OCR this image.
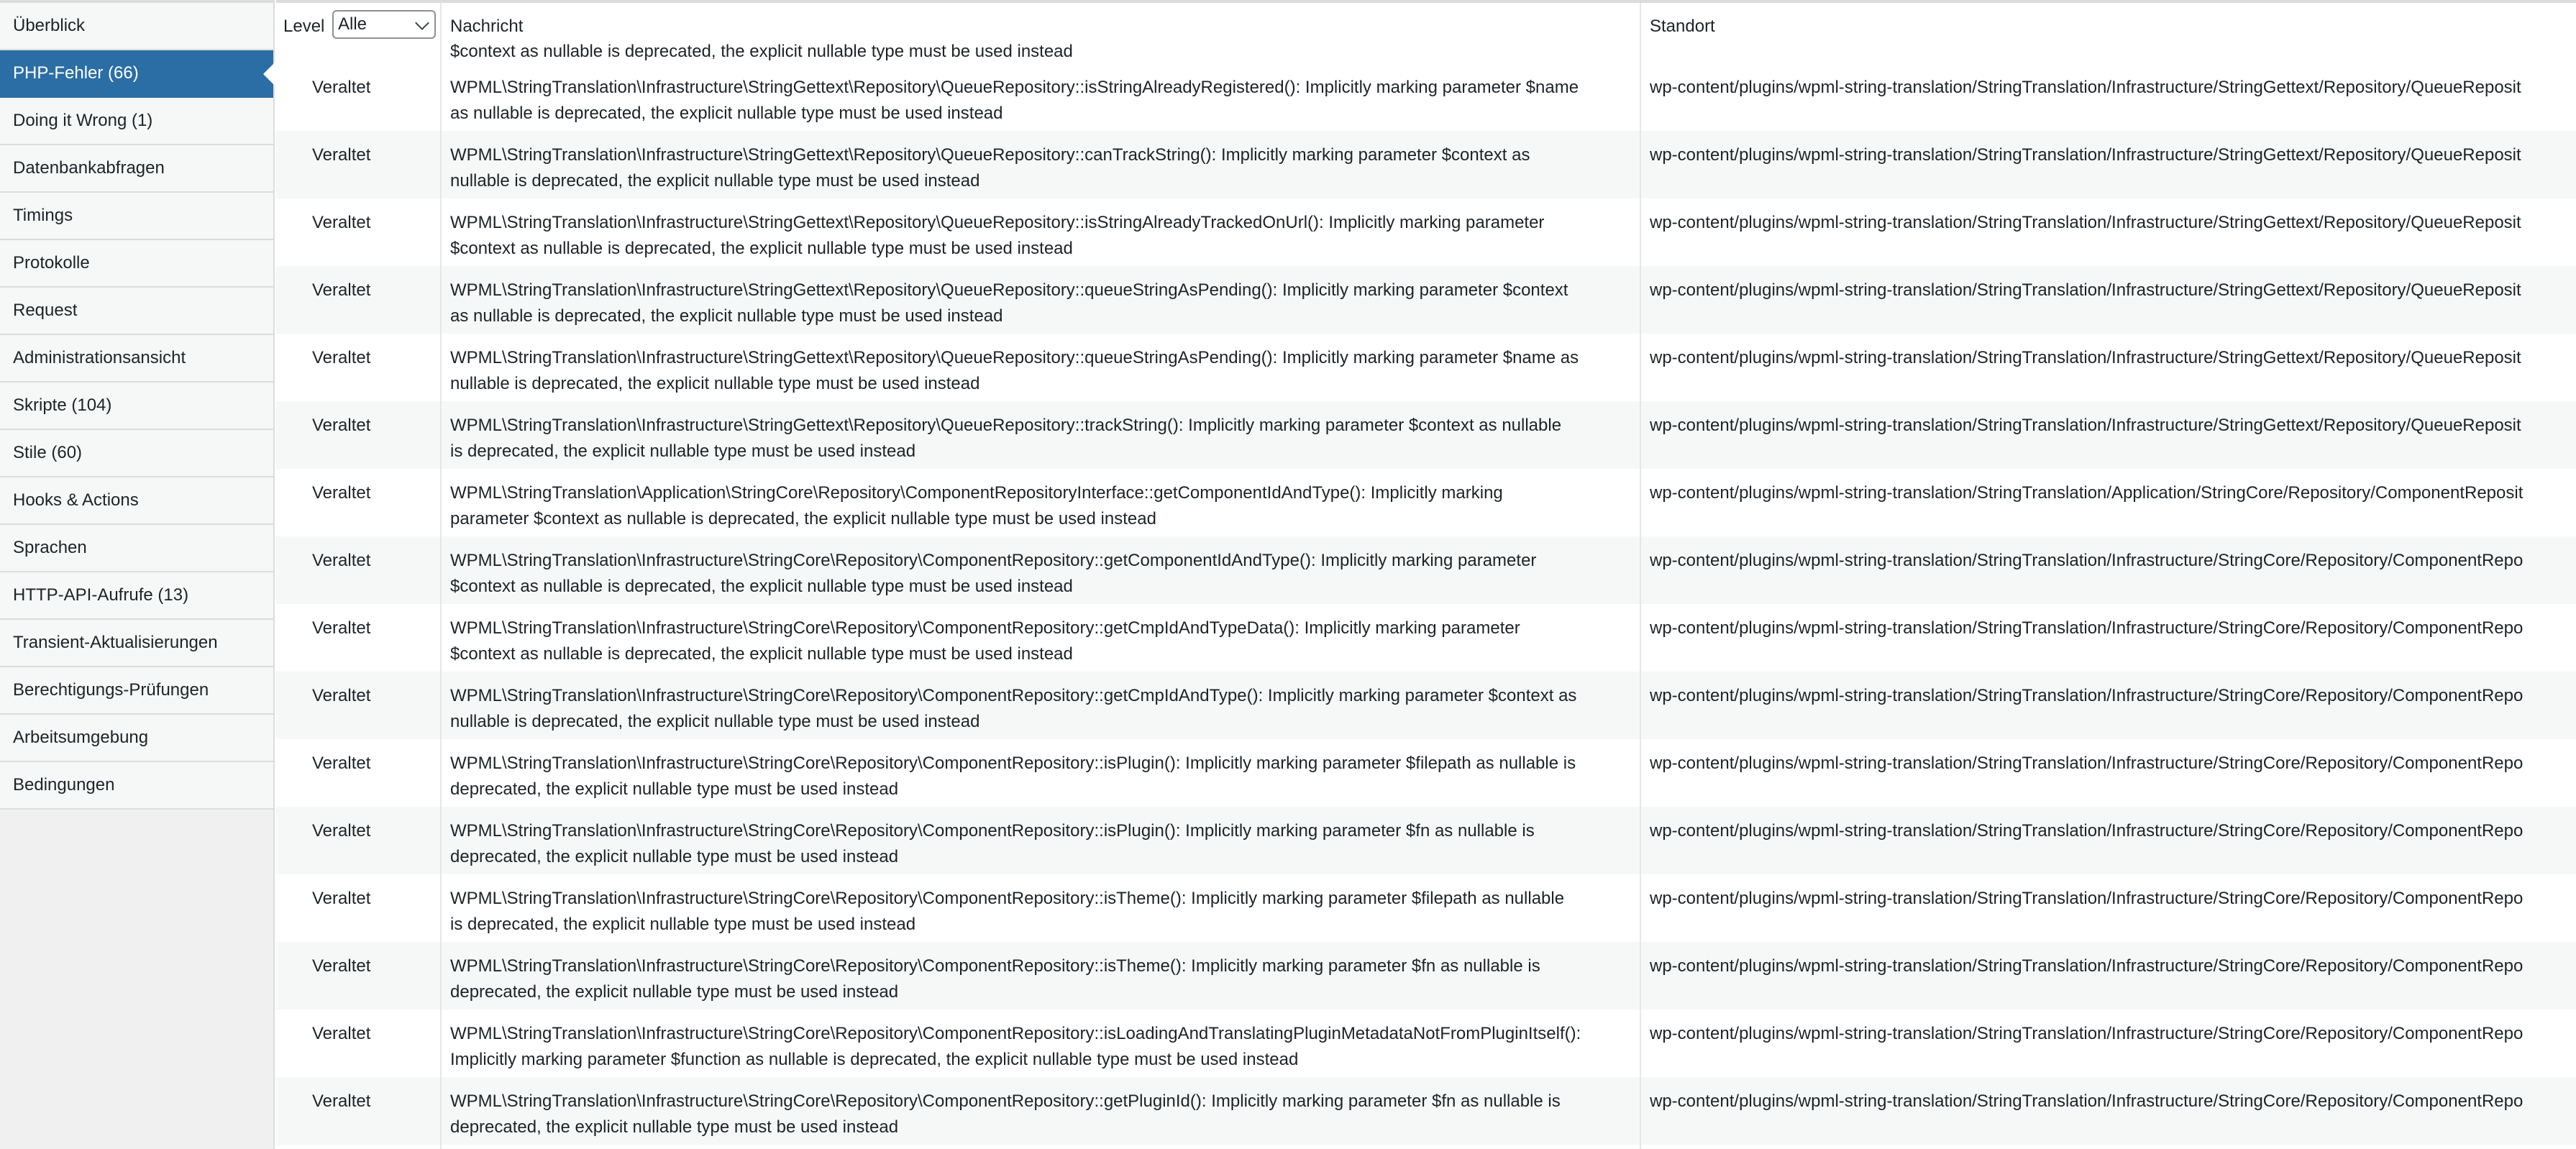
Überblick
PHP-Fehler (66)
Doing it Wrong (1)
Datenbankabfragen
Timings
Protokolle
Request
Administrationsansicht
Skripte (104)
Stile (60)
Hooks & Actions
Sprachen
HTTP-API-Aufrufe (13)
Transient-Aktualisierungen
Berechtigungs-Prüfungen
Arbeitsumgebung
Bedingungen
Level Alle	Nachricht
$context as nullable is deprecated, the explicit nullable type must be used instead
Standort
Veraltet	WPML\StringTranslation\Infrastructure\StringGettext\Repository\QueueRepository::isStringAlreadyRegistered(): Implicitly marking parameter $name
as nullable is deprecated, the explicit nullable type must be used instead
wp-content/plugins/wpml-string-translation/StringTranslation/Infrastructure/StringGettext/Repository/QueueReposit
Veraltet	WPML\StringTranslation\Infrastructure\StringGettext\Repository\QueueRepository::canTrackString(): Implicitly marking parameter $context as
nullable is deprecated, the explicit nullable type must be used instead
wp-content/plugins/wpml-string-translation/StringTranslation/Infrastructure/StringGettext/Repository/QueueReposit
Veraltet	WPML\StringTranslation\Infrastructure\StringGettext\Repository\QueueRepository::isStringAlreadyTrackedOnUrl(): Implicitly marking parameter
$context as nullable is deprecated, the explicit nullable type must be used instead
wp-content/plugins/wpml-string-translation/StringTranslation/Infrastructure/StringGettext/Repository/QueueReposit
Veraltet	WPML\StringTranslation\Infrastructure\StringGettext\Repository\QueueRepository::queueStringAsPending(): Implicitly marking parameter $context
as nullable is deprecated, the explicit nullable type must be used instead
wp-content/plugins/wpml-string-translation/StringTranslation/Infrastructure/StringGettext/Repository/QueueReposit
Veraltet	WPML\StringTranslation\Infrastructure\StringGettext\Repository\QueueRepository::queueStringAsPending(): Implicitly marking parameter $name as
nullable is deprecated, the explicit nullable type must be used instead
wp-content/plugins/wpml-string-translation/StringTranslation/Infrastructure/StringGettext/Repository/QueueReposit
Veraltet	WPML\StringTranslation\Infrastructure\StringGettext\Repository\QueueRepository::trackString(): Implicitly marking parameter $context as nullable
is deprecated, the explicit nullable type must be used instead
wp-content/plugins/wpml-string-translation/StringTranslation/Infrastructure/StringGettext/Repository/QueueReposit
Veraltet	WPML\StringTranslation\Application\StringCore\Repository\ComponentRepositoryInterface::getComponentIdAndType(): Implicitly marking
parameter $context as nullable is deprecated, the explicit nullable type must be used instead
wp-content/plugins/wpml-string-translation/StringTranslation/Application/StringCore/Repository/ComponentReposit
Veraltet	WPML\StringTranslation\Infrastructure\StringCore\Repository\ComponentRepository::getComponentIdAndType(): Implicitly marking parameter
$context as nullable is deprecated, the explicit nullable type must be used instead
wp-content/plugins/wpml-string-translation/StringTranslation/Infrastructure/StringCore/Repository/ComponentRepo
Veraltet	WPML\StringTranslation\Infrastructure\StringCore\Repository\ComponentRepository::getCmpIdAndTypeData(): Implicitly marking parameter
$context as nullable is deprecated, the explicit nullable type must be used instead
wp-content/plugins/wpml-string-translation/StringTranslation/Infrastructure/StringCore/Repository/ComponentRepo
Veraltet	WPML\StringTranslation\Infrastructure\StringCore\Repository\ComponentRepository::getCmpIdAndType(): Implicitly marking parameter $context as
nullable is deprecated, the explicit nullable type must be used instead
wp-content/plugins/wpml-string-translation/StringTranslation/Infrastructure/StringCore/Repository/ComponentRepo
Veraltet	WPML\StringTranslation\Infrastructure\StringCore\Repository\ComponentRepository::isPlugin(): Implicitly marking parameter $filepath as nullable is
deprecated, the explicit nullable type must be used instead
wp-content/plugins/wpml-string-translation/StringTranslation/Infrastructure/StringCore/Repository/ComponentRepo
Veraltet	WPML\StringTranslation\Infrastructure\StringCore\Repository\ComponentRepository::isPlugin(): Implicitly marking parameter $fn as nullable is
deprecated, the explicit nullable type must be used instead
wp-content/plugins/wpml-string-translation/StringTranslation/Infrastructure/StringCore/Repository/ComponentRepo
Veraltet	WPML\StringTranslation\Infrastructure\StringCore\Repository\ComponentRepository::isTheme(): Implicitly marking parameter $filepath as nullable
is deprecated, the explicit nullable type must be used instead
wp-content/plugins/wpml-string-translation/StringTranslation/Infrastructure/StringCore/Repository/ComponentRepo
Veraltet	WPML\StringTranslation\Infrastructure\StringCore\Repository\ComponentRepository::isTheme(): Implicitly marking parameter $fn as nullable is
deprecated, the explicit nullable type must be used instead
wp-content/plugins/wpml-string-translation/StringTranslation/Infrastructure/StringCore/Repository/ComponentRepo
Veraltet	WPML\StringTranslation\Infrastructure\StringCore\Repository\ComponentRepository::isLoadingAndTranslatingPluginMetadataNotFromPluginItself():
Implicitly marking parameter $function as nullable is deprecated, the explicit nullable type must be used instead
wp-content/plugins/wpml-string-translation/StringTranslation/Infrastructure/StringCore/Repository/ComponentRepo
Veraltet	WPML\StringTranslation\Infrastructure\StringCore\Repository\ComponentRepository::getPluginId(): Implicitly marking parameter $fn as nullable is
deprecated, the explicit nullable type must be used instead
wp-content/plugins/wpml-string-translation/StringTranslation/Infrastructure/StringCore/Repository/ComponentRepo
